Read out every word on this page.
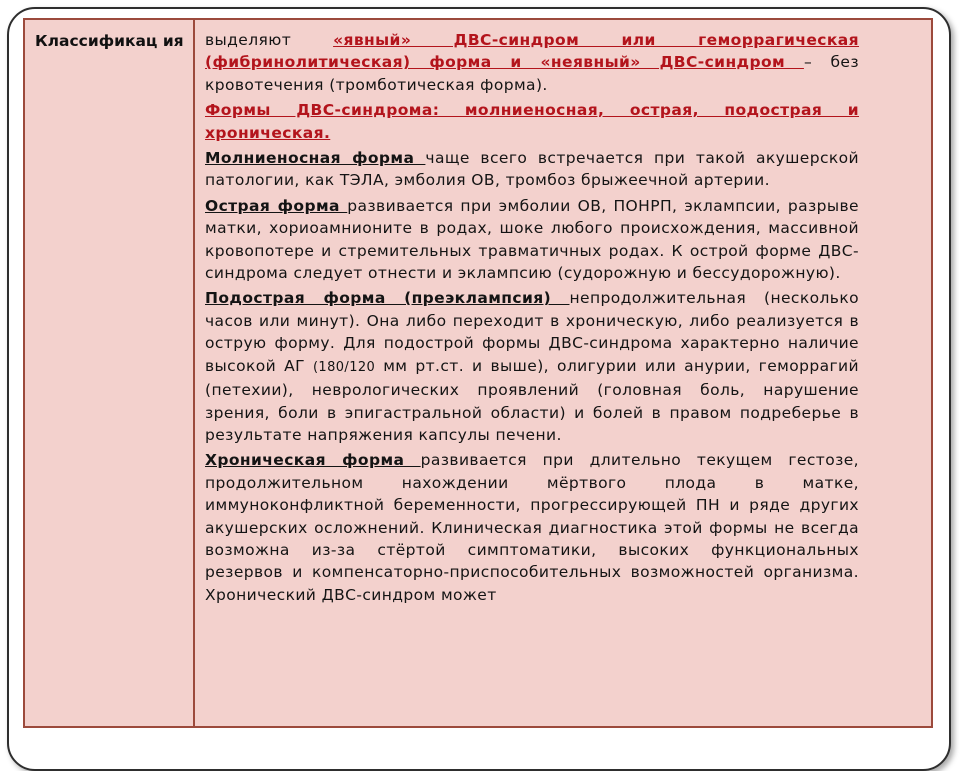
Классификац ия выделяют «явный» ДВС-синдром или геморрагическая (фибринолитическая) форма и «неявный» ДВС-синдром – без кровотечения (тромботическая форма).

Формы ДВС-синдрома: молниеносная, острая, подострая и хроническая.

Молниеносная форма чаще всего встречается при такой акушерской патологии, как ТЭЛА, эмболия ОВ, тромбоз брыжеечной артерии.

Острая форма развивается при эмболии ОВ, ПОНРП, эклампсии, разрыве матки, хориоамнионите в родах, шоке любого происхождения, массивной кровопотере и стремительных травматичных родах. К острой форме ДВС-синдрома следует отнести и эклампсию (судорожную и бессудорожную).

Подострая форма (преэклампсия) непродолжительная (несколько часов или минут). Она либо переходит в хроническую, либо реализуется в острую форму. Для подострой формы ДВС-синдрома характерно наличие высокой АГ (180/120 мм рт.ст. и выше), олигурии или анурии, геморрагий (петехии), неврологических проявлений (головная боль, нарушение зрения, боли в эпигастральной области) и болей в правом подреберье в результате напряжения капсулы печени.

Хроническая форма развивается при длительно текущем гестозе, продолжительном нахождении мёртвого плода в матке, иммуноконфликтной беременности, прогрессирующей ПН и ряде других акушерских осложнений. Клиническая диагностика этой формы не всегда возможна из-за стёртой симптоматики, высоких функциональных резервов и компенсаторно-приспособительных возможностей организма. Хронический ДВС-синдром может
